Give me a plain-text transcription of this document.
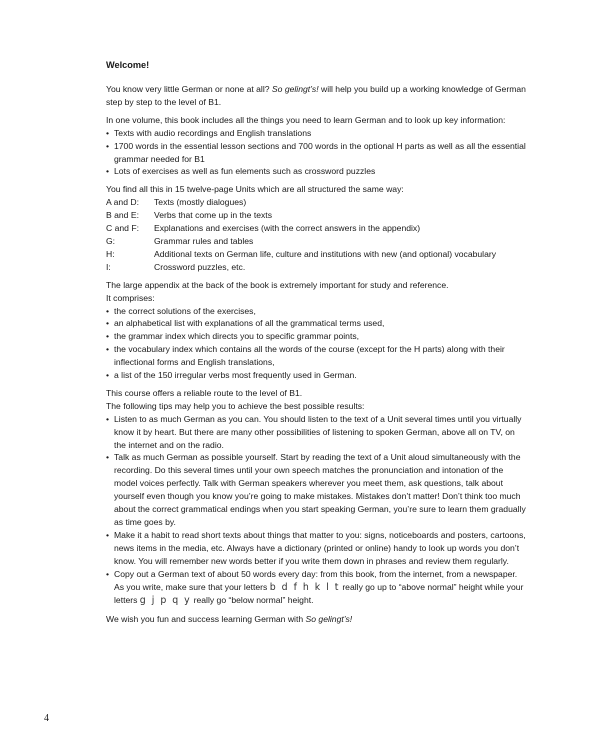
Welcome!

You know very little German or none at all? So gelingt’s! will help you build up a working knowledge of German step by step to the level of B1.

In one volume, this book includes all the things you need to learn German and to look up key information:

• Texts with audio recordings and English translations
• 1700 words in the essential lesson sections and 700 words in the optional H parts as well as all the essential grammar needed for B1
• Lots of exercises as well as fun elements such as crossword puzzles

You find all this in 15 twelve-page Units which are all structured the same way:

A and D:	Texts (mostly dialogues)
B and E:	Verbs that come up in the texts
C and F:	Explanations and exercises (with the correct answers in the appendix)
G:	Grammar rules and tables
H:	Additional texts on German life, culture and institutions with new (and optional) vocabulary
I:	Crossword puzzles, etc.

The large appendix at the back of the book is extremely important for study and reference.

It comprises:

• the correct solutions of the exercises,
• an alphabetical list with explanations of all the grammatical terms used,
• the grammar index which directs you to specific grammar points,
• the vocabulary index which contains all the words of the course (except for the H parts) along with their inflectional forms and English translations,
• a list of the 150 irregular verbs most frequently used in German.

This course offers a reliable route to the level of B1.

The following tips may help you to achieve the best possible results:

• Listen to as much German as you can. You should listen to the text of a Unit several times until you virtually know it by heart. But there are many other possibilities of listening to spoken German, above all on TV, on the internet and on the radio.
• Talk as much German as possible yourself. Start by reading the text of a Unit aloud simultaneously with the recording. Do this several times until your own speech matches the pronunciation and intonation of the model voices perfectly. Talk with German speakers wherever you meet them, ask questions, talk about yourself even though you know you’re going to make mistakes. Mistakes don’t matter! Don’t think too much about the correct grammatical endings when you start speaking German, you’re sure to learn them gradually as time goes by.
• Make it a habit to read short texts about things that matter to you: signs, noticeboards and posters, cartoons, news items in the media, etc. Always have a dictionary (printed or online) handy to look up words you don’t know. You will remember new words better if you write them down in phrases and review them regularly.
• Copy out a German text of about 50 words every day: from this book, from the internet, from a newspaper. As you write, make sure that your letters b d f h k l t really go up to “above normal” height while your letters g j p q y really go “below normal” height.

We wish you fun and success learning German with So gelingt’s!

4
